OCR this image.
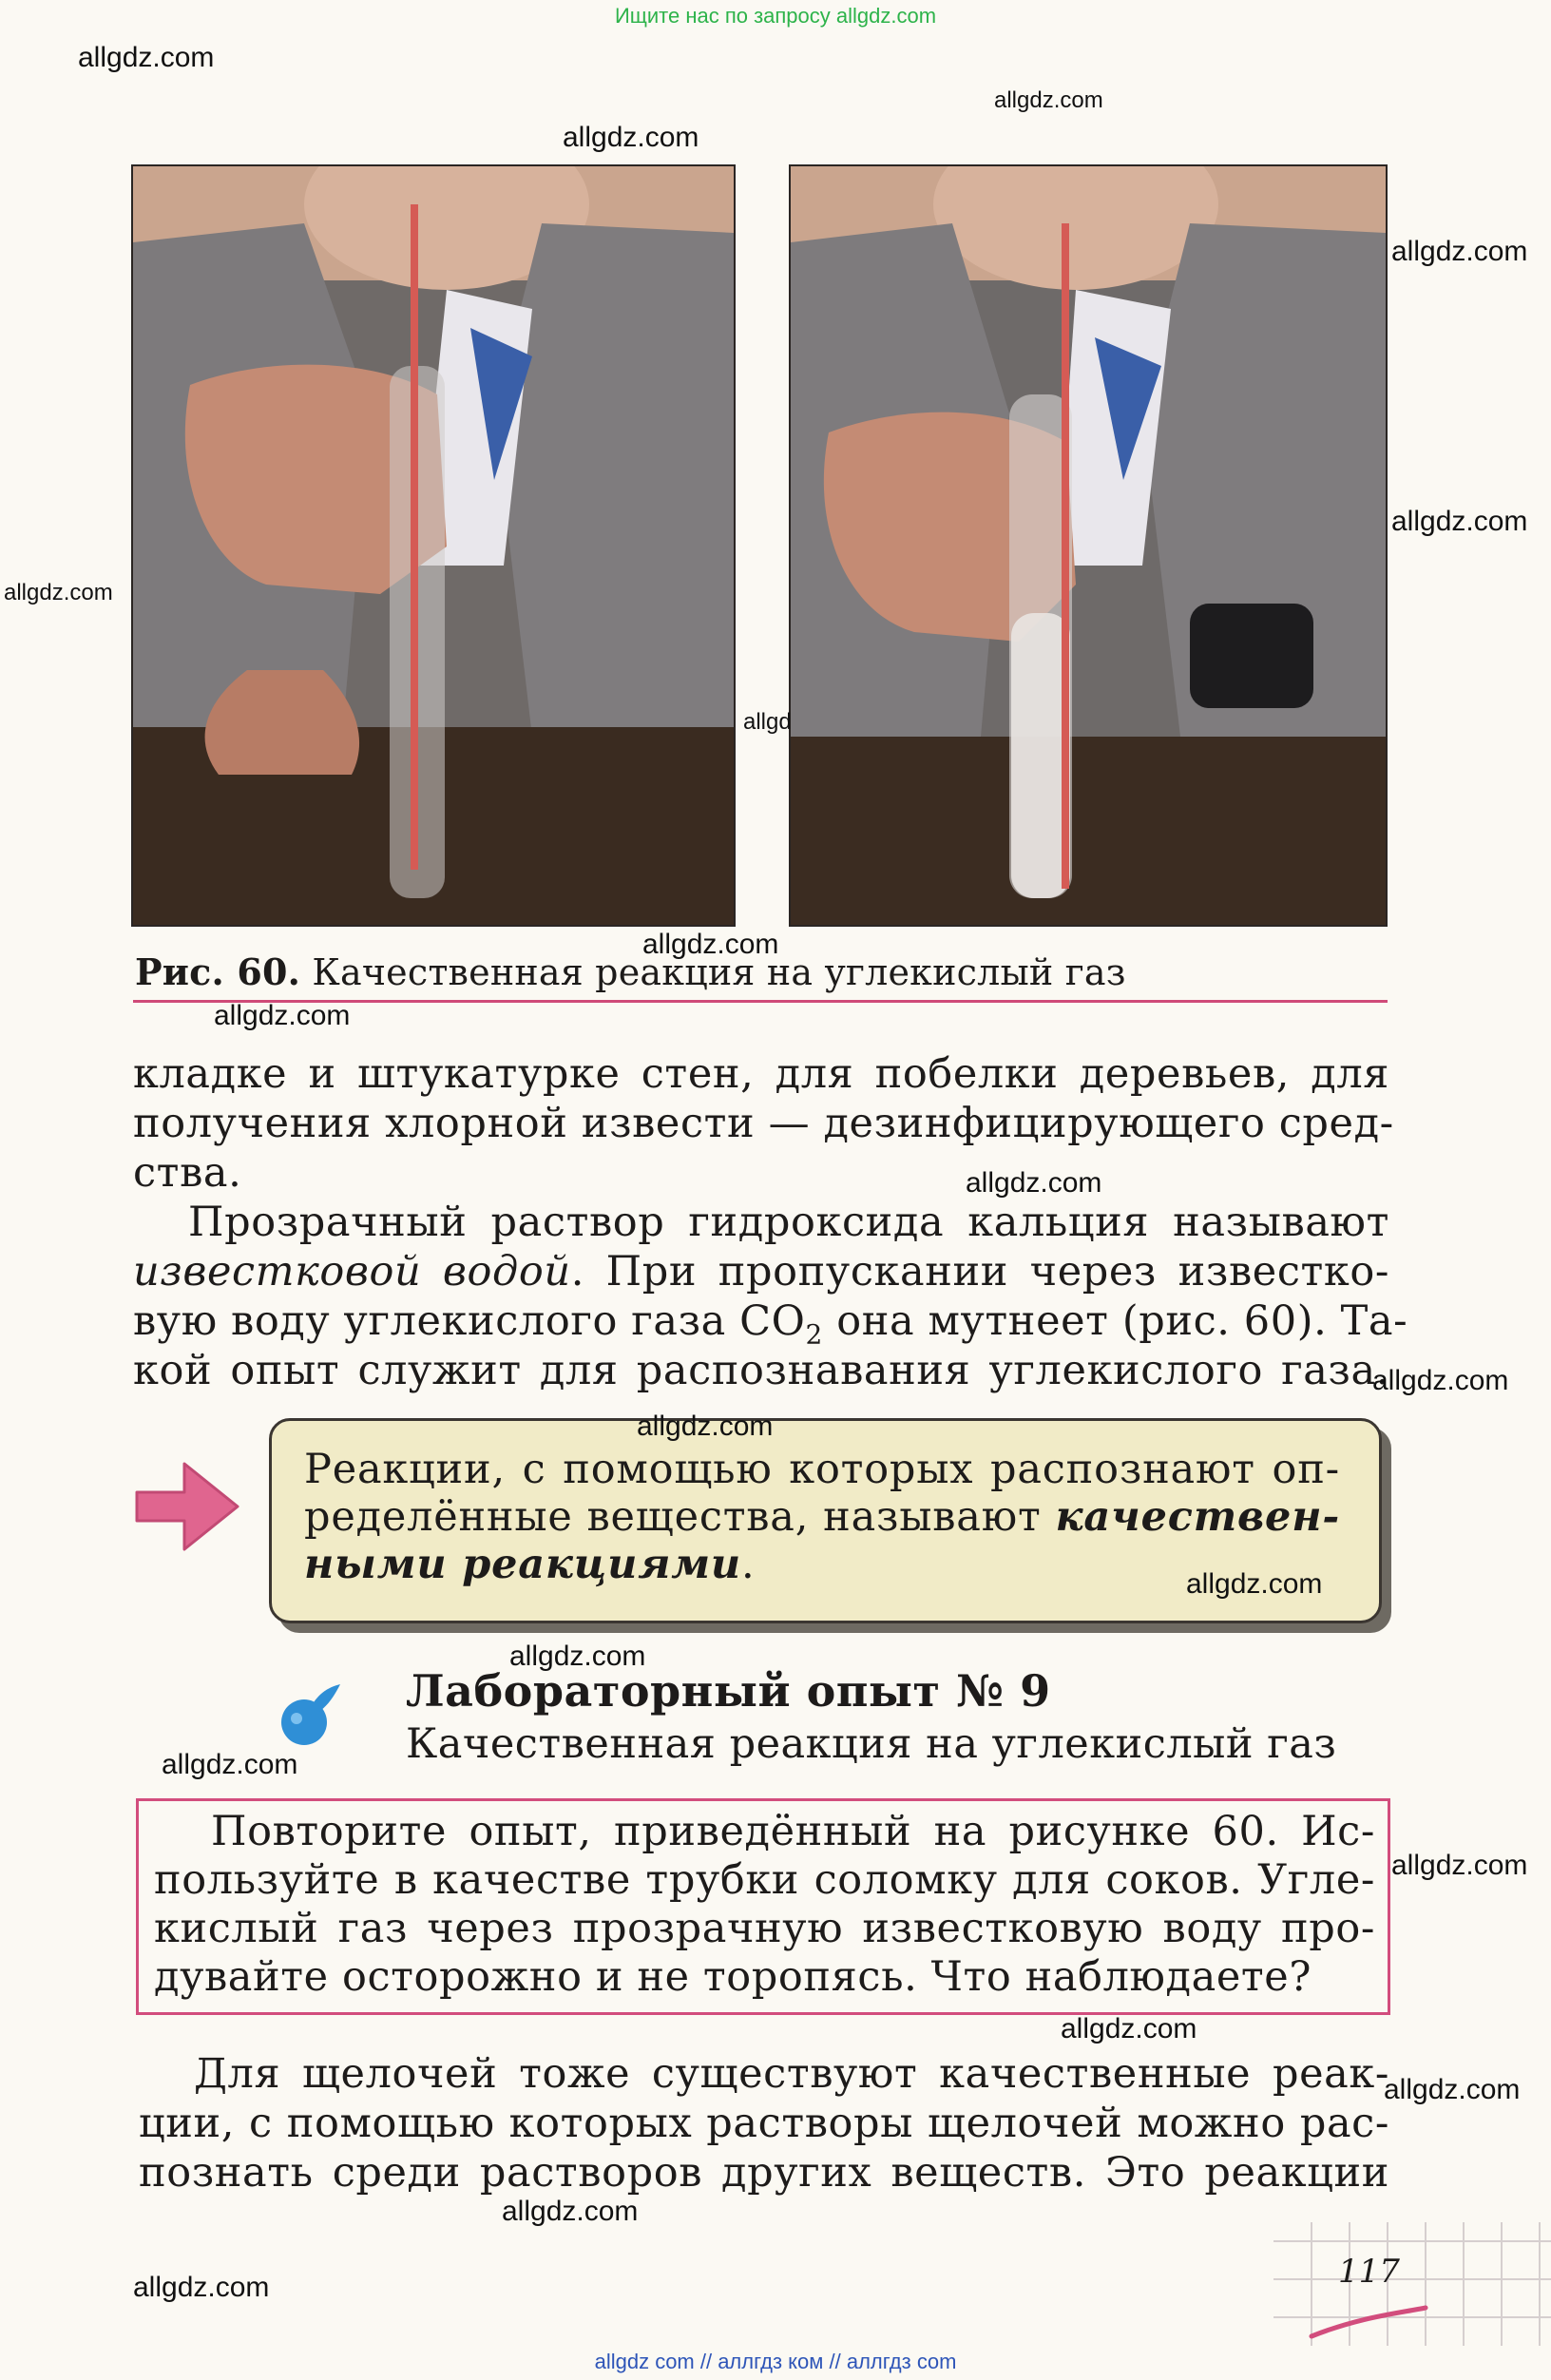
Ищите нас по запросу allgdz.com
Рис. 60. Качественная реакция на углекислый газ
кладке и штукатурке стен, для побелки деревьев, для
получения хлорной извести — дезинфицирующего сред-
ства.
Прозрачный раствор гидроксида кальция называют
известковой водой. При пропускании через известко-
вую воду углекислого газа $CO_2$ она мутнеет (рис. 60). Та-
кой опыт служит для распознавания углекислого газа.
Реакции, с помощью которых распознают оп-
ределённые вещества, называют качествен-
ными реакциями.
Лабораторный опыт № 9
Качественная реакция на углекислый газ
Повторите опыт, приведённый на рисунке 60. Ис-
пользуйте в качестве трубки соломку для соков. Угле-
кислый газ через прозрачную известковую воду про-
дувайте осторожно и не торопясь. Что наблюдаете?
Для щелочей тоже существуют качественные реак-
ции, с помощью которых растворы щелочей можно рас-
познать среди растворов других веществ. Это реакции
117
allgdz.com
allgdz.com
allgdz.com
allgdz.com
allgdz.com
allgdz.com
allgd
allgdz.com
allgdz.com
allgdz.com
allgdz.com
allgdz.com
allgdz.com
allgdz.com
allgdz.com
allgdz.com
allgdz.com
allgdz.com
allgdz.com
allgdz.com
allgdz com // аллгдз ком // аллгдз com
